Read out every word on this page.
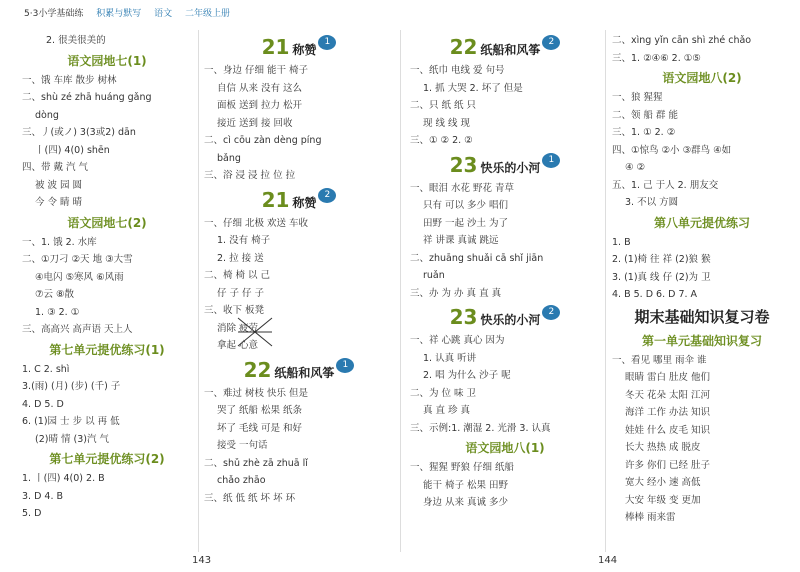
5·3小学基础练 积累与默写 语文 二年级上册
2. 很美很美的
语文园地七(1)
一、饿 车库 散步 树林
二、shù zé zhā huáng gǎng
dòng
三、丿(或ノ) 3(3或2) dān
丨(四) 4(0) shēn
四、带 戴 汽 气
被 波 园 圆
今 令 睛 晴
语文园地七(2)
一、1. 饿 2. 水库
二、①刀刁 ②天 地 ③大雪
④电闪 ⑤寒风 ⑥风雨
⑦云 ⑧散
1. ③ 2. ①
三、高高兴 高声语 天上人
第七单元提优练习(1)
1. C 2. shì
3.(雨) (月) (步) (千) 子
4. D 5. D
6. (1)园 士 步 以 再 低
(2)晴 情 (3)汽 气
第七单元提优练习(2)
1. 丨(四) 4(0) 2. B
3. D 4. B
5. D
21 称赞1
一、身边 仔细 能干 椅子
自信 从来 没有 这么
面板 送到 拉力 松开
接近 送到 接 回收
二、cì cōu zàn dèng píng
bǎng
三、浴 浸 浸 拉 位 拉
21 称赞2
一、仔细 北极 欢送 车收
1. 没有 椅子
2. 拉 接 送
二、椅 椅 以 己
仔 子 仔 子
三、收下 板凳
消除 疲劳
拿起 心意
22 纸船和风筝1
一、难过 树枝 快乐 但是
哭了 纸船 松果 纸条
坏了 毛线 可是 和好
接受 一句话
二、shǔ zhè zā zhuā lǐ
chǎo zhāo
三、纸 低 纸 坏 坏 环
22 纸船和风筝2
一、纸巾 电线 爱 句号
1. 抓 大哭 2. 坏了 但是
二、只 纸 纸 只
现 线 线 现
三、① ② 2. ②
23 快乐的小河1
一、眼泪 水花 野花 青草
只有 可以 多少 唱们
田野 一起 沙土 为了
祥 讲课 真诚 跳远
二、zhuāng shuǎi cā shǐ jiān
ruǎn
三、办 为 办 真 直 真
23 快乐的小河2
一、祥 心跳 真心 因为
1. 认真 听讲
2. 唱 为什么 沙子 呢
二、为 位 味 卫
真 直 珍 真
三、示例:1. 潮湿 2. 光滑 3. 认真
语文园地八(1)
一、猩猩 野狼 仔细 纸船
能干 椅子 松果 田野
身边 从来 真诚 多少
二、xìng yǐn cān shì zhé chǎo
三、1. ②④⑥ 2. ①⑤
语文园地八(2)
一、狼 猩猩
二、领 船 群 能
三、1. ① 2. ②
四、①惊鸟 ②小 ③群鸟 ④如
④ ②
五、1. 己 于人 2. 朋友交
3. 不以 方圆
第八单元提优练习
1. B
2. (1)椅 往 祥 (2)狼 猴
3. (1)真 线 仔 (2)为 卫
4. B 5. D 6. D 7. A
期末基础知识复习卷
第一单元基础知识复习
一、看见 哪里 雨伞 谁
眼睛 雷白 肚皮 他们
冬天 花朵 太阳 江河
海洋 工作 办法 知识
娃娃 什么 皮毛 知识
长大 热热 成 脱皮
许多 你们 已经 肚子
宽大 经小 速 高低
大安 年级 变 更加
棒棒 雨来雷
143	144
